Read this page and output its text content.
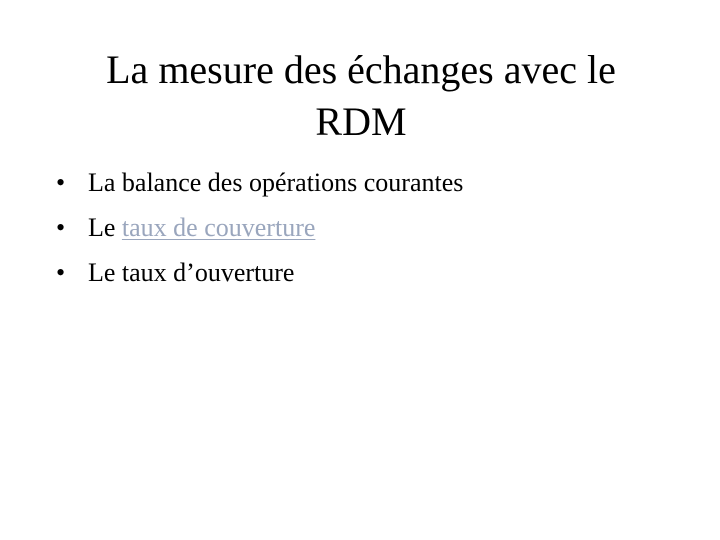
La mesure des échanges avec le
RDM
• La balance des opérations courantes
• Le taux de couverture
• Le taux d’ouverture
